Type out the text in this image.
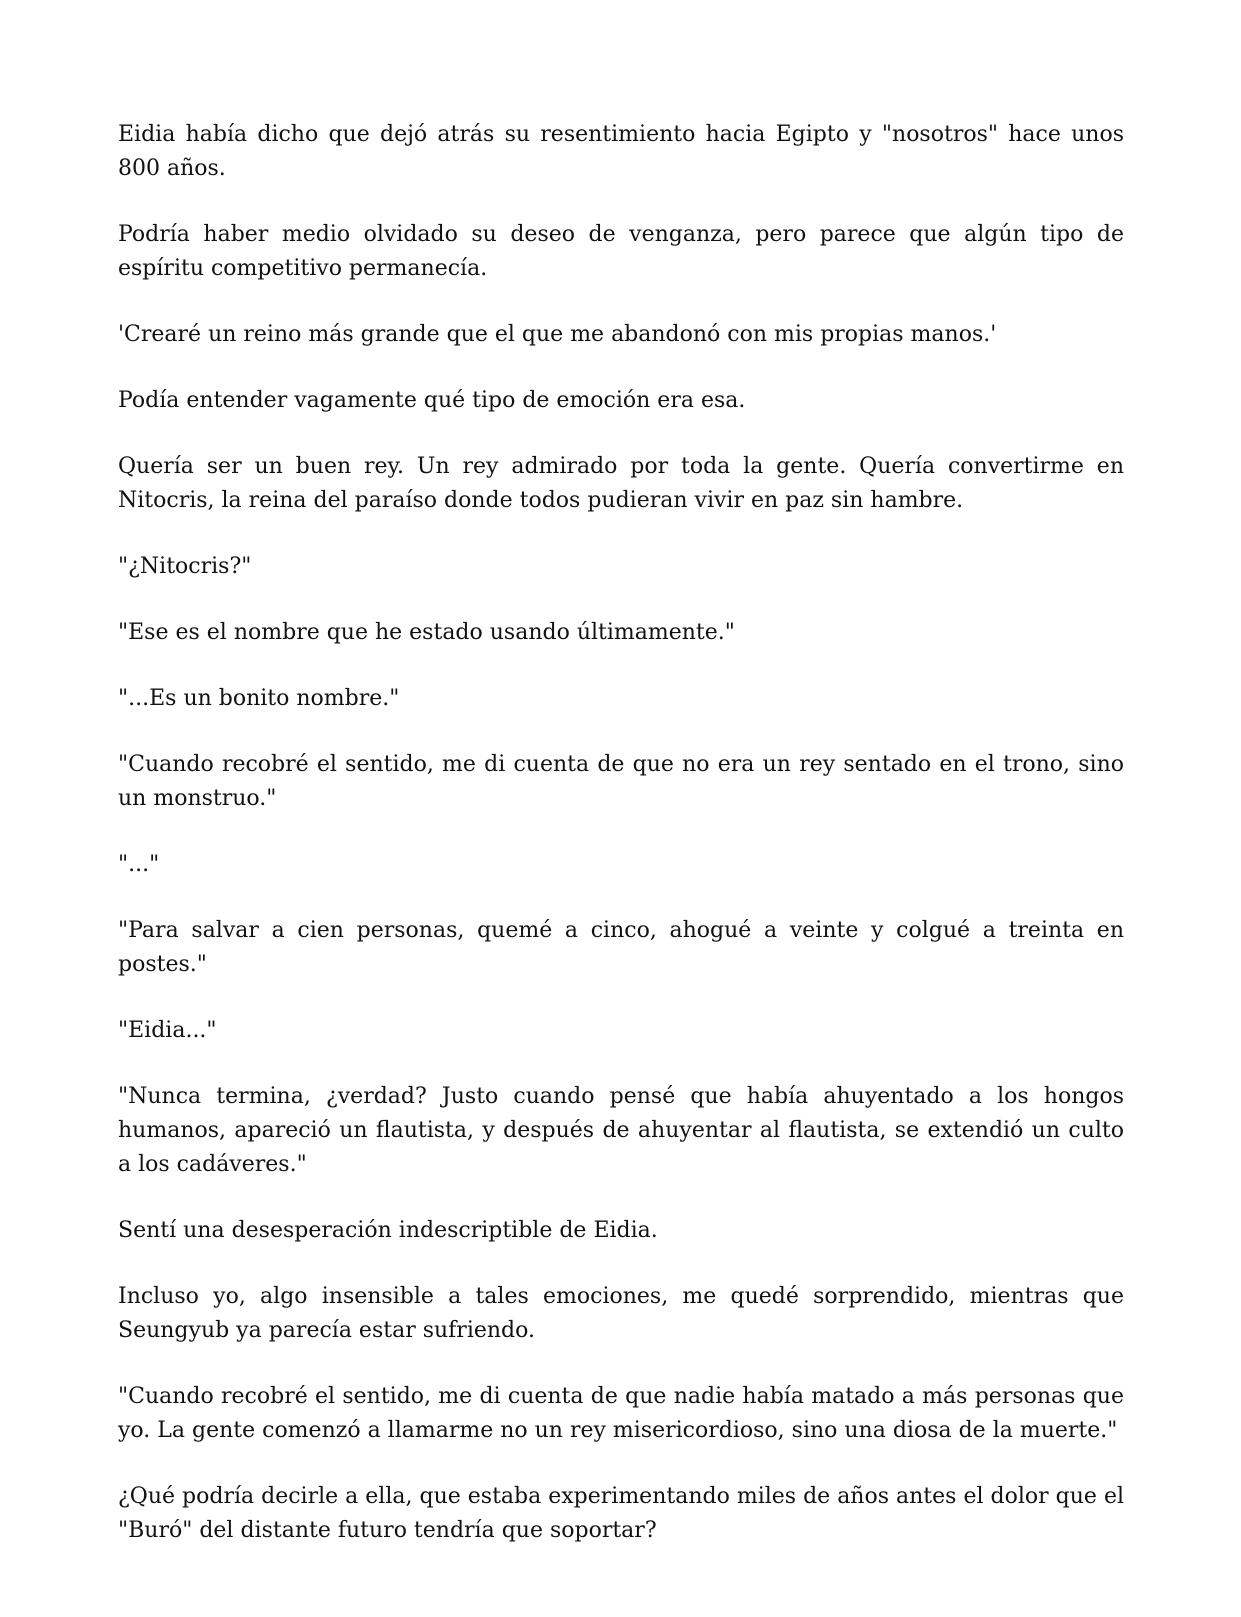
Eidia había dicho que dejó atrás su resentimiento hacia Egipto y "nosotros" hace unos 800 años.

Podría haber medio olvidado su deseo de venganza, pero parece que algún tipo de espíritu competitivo permanecía.

'Crearé un reino más grande que el que me abandonó con mis propias manos.'

Podía entender vagamente qué tipo de emoción era esa.

Quería ser un buen rey. Un rey admirado por toda la gente. Quería convertirme en Nitocris, la reina del paraíso donde todos pudieran vivir en paz sin hambre.

"¿Nitocris?"

"Ese es el nombre que he estado usando últimamente."

"...Es un bonito nombre."

"Cuando recobré el sentido, me di cuenta de que no era un rey sentado en el trono, sino un monstruo."

"..."

"Para salvar a cien personas, quemé a cinco, ahogué a veinte y colgué a treinta en postes."

"Eidia..."

"Nunca termina, ¿verdad? Justo cuando pensé que había ahuyentado a los hongos humanos, apareció un flautista, y después de ahuyentar al flautista, se extendió un culto a los cadáveres."

Sentí una desesperación indescriptible de Eidia.

Incluso yo, algo insensible a tales emociones, me quedé sorprendido, mientras que Seungyub ya parecía estar sufriendo.

"Cuando recobré el sentido, me di cuenta de que nadie había matado a más personas que yo. La gente comenzó a llamarme no un rey misericordioso, sino una diosa de la muerte."

¿Qué podría decirle a ella, que estaba experimentando miles de años antes el dolor que el "Buró" del distante futuro tendría que soportar?
